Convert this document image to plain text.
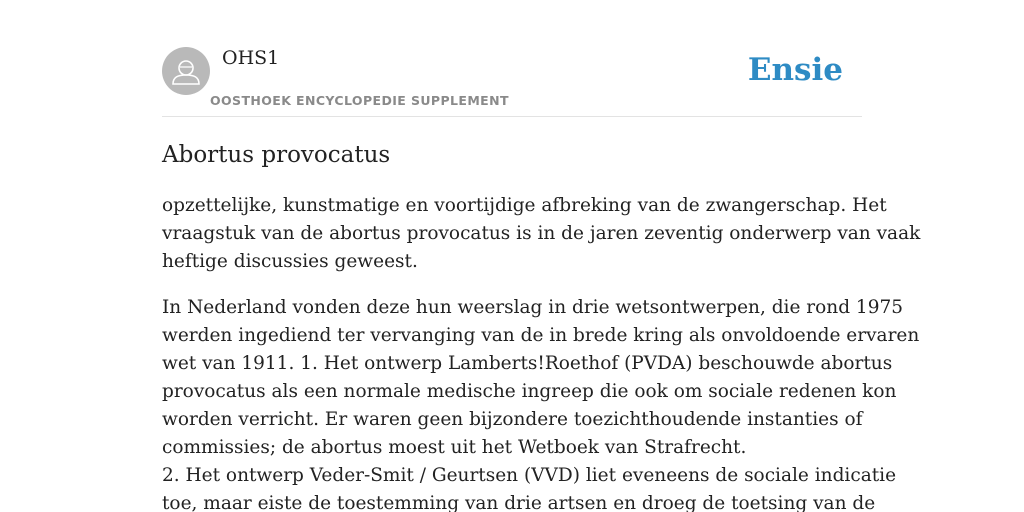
OHS1
OOSTHOEK ENCYCLOPEDIE SUPPLEMENT
Ensie
Abortus provocatus

opzettelijke, kunstmatige en voortijdige afbreking van de zwangerschap. Het
vraagstuk van de abortus provocatus is in de jaren zeventig onderwerp van vaak
heftige discussies geweest.

In Nederland vonden deze hun weerslag in drie wetsontwerpen, die rond 1975
werden ingediend ter vervanging van de in brede kring als onvoldoende ervaren
wet van 1911. 1. Het ontwerp Lamberts!Roethof (PVDA) beschouwde abortus
provocatus als een normale medische ingreep die ook om sociale redenen kon
worden verricht. Er waren geen bijzondere toezichthoudende instanties of
commissies; de abortus moest uit het Wetboek van Strafrecht.
2. Het ontwerp Veder-Smit / Geurtsen (VVD) liet eveneens de sociale indicatie
toe, maar eiste de toestemming van drie artsen en droeg de toetsing van de
